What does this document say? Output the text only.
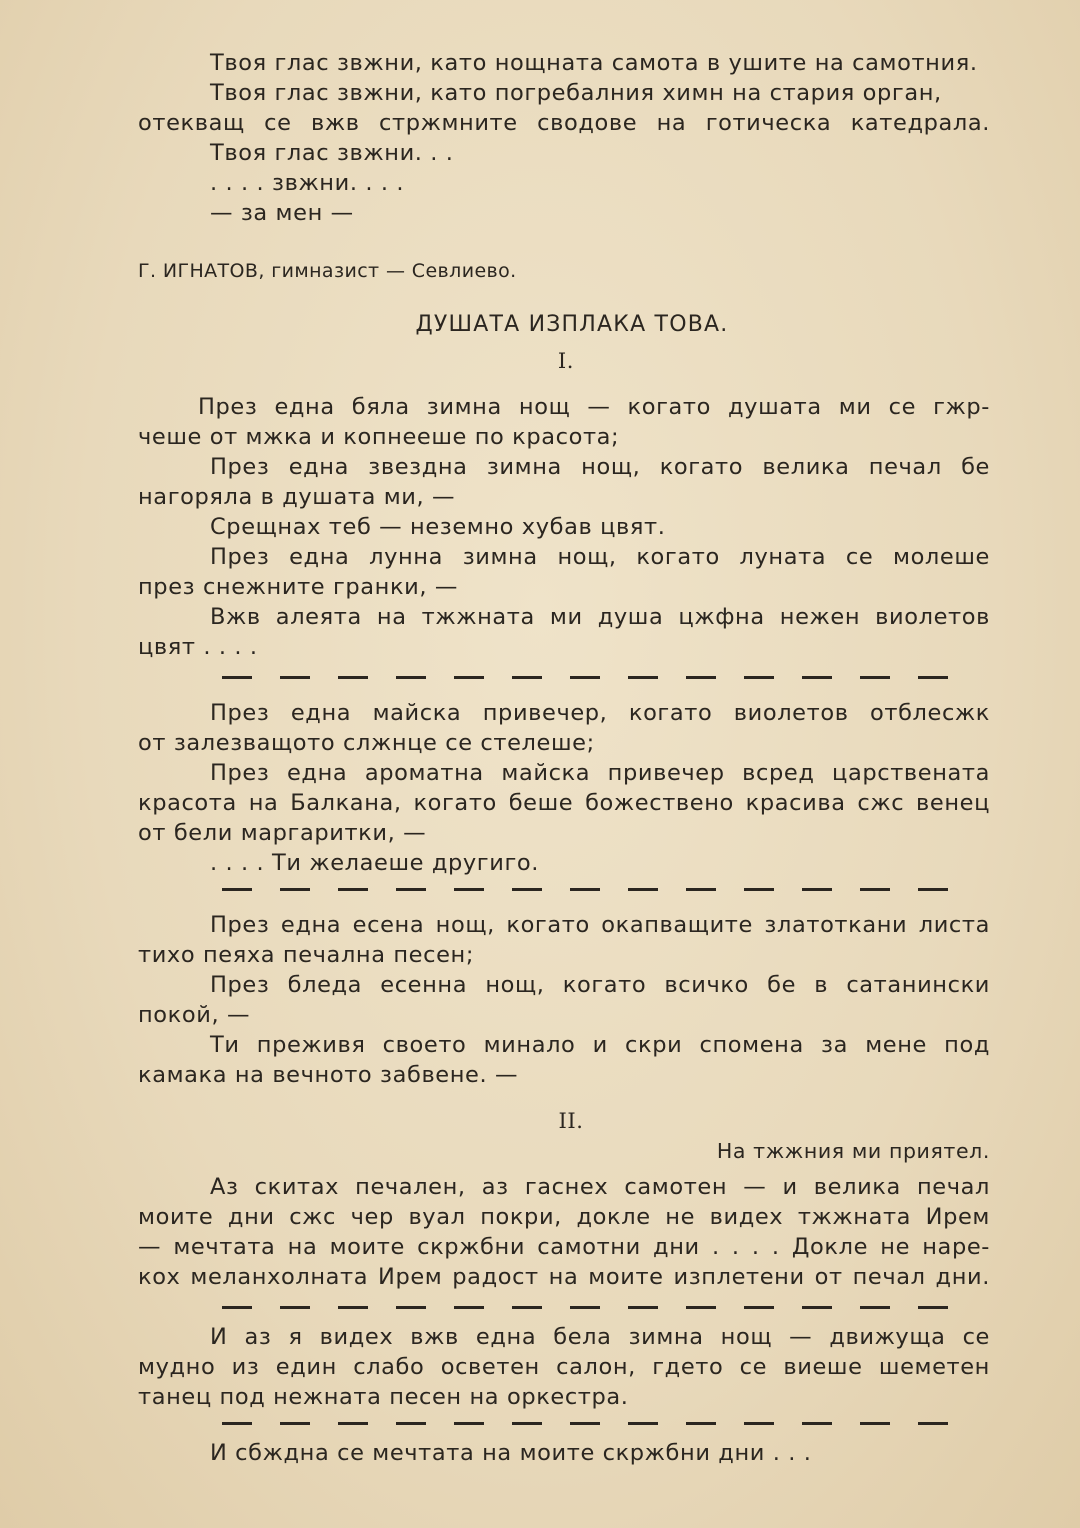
Твоя глас звжни, като нощната самота в ушите на самотния.
Твоя глас звжни, като погребалния химн на стария орган,
отекващ се вжв стржмните сводове на готическа катедрала.
Твоя глас звжни. . .
. . . . звжни. . . .
— за мен —
Г. ИГНАТОВ, гимназист — Севлиево.
ДУШАТА ИЗПЛАКА ТОВА.
I.
През една бяла зимна нощ — когато душата ми се гжр-
чеше от мжка и копнееше по красота;
През една звездна зимна нощ, когато велика печал бе
нагоряла в душата ми, —
Срещнах теб — неземно хубав цвят.
През една лунна зимна нощ, когато луната се молеше
през снежните гранки, —
Вжв алеята на тжжната ми душа цжфна нежен виолетов
цвят . . . .
През една майска привечер, когато виолетов отблесжк
от залезващото слжнце се стелеше;
През една ароматна майска привечер всред царствената
красота на Балкана, когато беше божествено красива сжс венец
от бели маргаритки, —
. . . . Ти желаеше другиго.
През една есена нощ, когато окапващите златоткани листа
тихо пеяха печална песен;
През бледа есенна нощ, когато всичко бе в сатанински
покой, —
Ти преживя своето минало и скри спомена за мене под
камака на вечното забвене. —
II.
На тжжния ми приятел.
Аз скитах печален, аз гаснех самотен — и велика печал
моите дни сжс чер вуал покри, докле не видех тжжната Ирем
— мечтата на моите скржбни самотни дни . . . . Докле не наре-
кох меланхолната Ирем радост на моите изплетени от печал дни.
И аз я видех вжв една бела зимна нощ — движуща се
мудно из един слабо осветен салон, гдето се виеше шеметен
танец под нежната песен на оркестра.
И сбждна се мечтата на моите скржбни дни . . .
